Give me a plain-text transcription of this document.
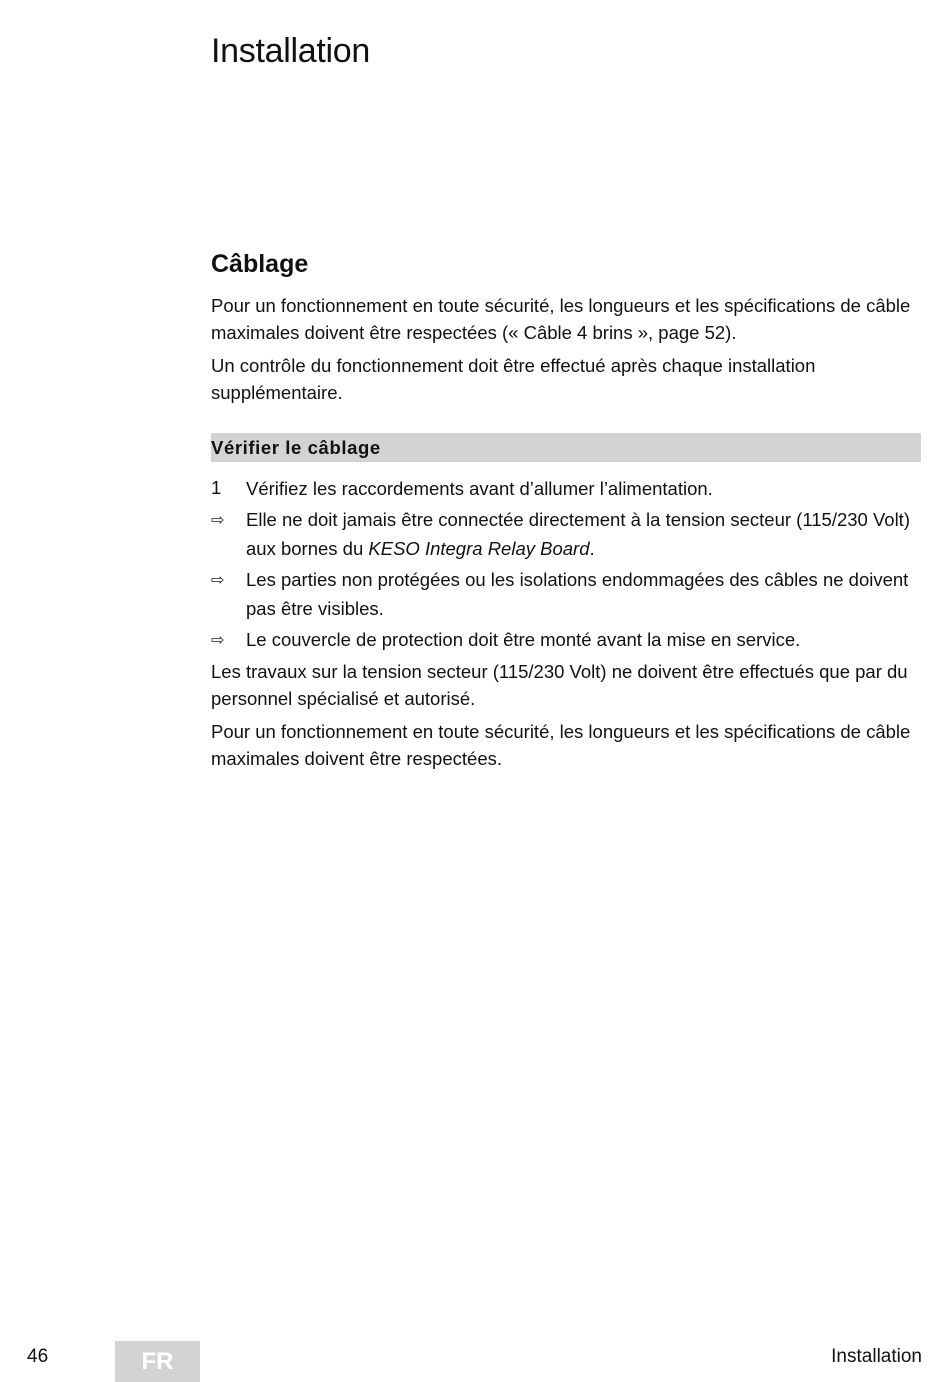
Installation
Câblage

Pour un fonctionnement en toute sécurité, les longueurs et les spécifications de câble maximales doivent être respectées (« Câble 4 brins », page 52).

Un contrôle du fonctionnement doit être effectué après chaque installation supplémentaire.

Vérifier le câblage
1	Vérifiez les raccordements avant d’allumer l’alimentation.
⇨	Elle ne doit jamais être connectée directement à la tension secteur (115/230 Volt) aux bornes du KESO Integra Relay Board.
⇨	Les parties non protégées ou les isolations endommagées des câbles ne doivent pas être visibles.
⇨	Le couvercle de protection doit être monté avant la mise en service.

Les travaux sur la tension secteur (115/230 Volt) ne doivent être effectués que par du personnel spécialisé et autorisé.

Pour un fonctionnement en toute sécurité, les longueurs et les spécifications de câble maximales doivent être respectées.

46	FR	Installation
